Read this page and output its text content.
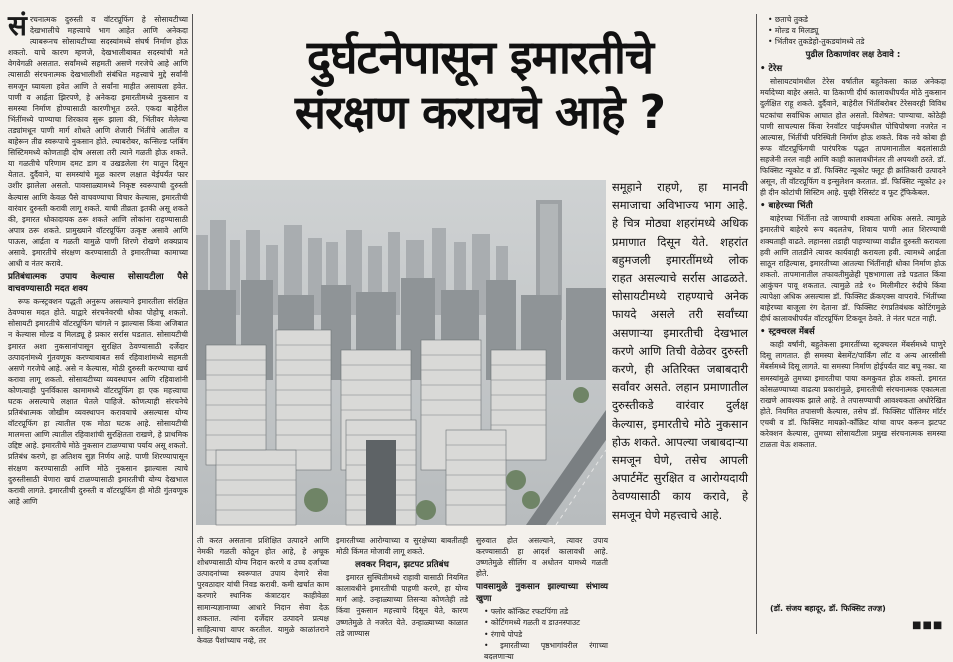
संरचनात्मक दुरुस्ती व वॉटरप्रूफिंग हे सोसायटीच्या देखभालीचे महत्त्वाचे भाग आहेत आणि अनेकदा त्याबरूनच सोसायटीच्या सदस्यांमध्ये संघर्ष निर्माण होऊ शकतो. याचे कारण म्हणजे, देखभालीबाबत सदस्यांची मते वेगवेगळी असतात. सर्वांमध्ये सहमती असणे गरजेचे आहे आणि त्यासाठी संरचनात्मक देखभालीशी संबंधित महत्त्वाचे मुद्दे सर्वांनी समजून घ्यायला हवेत आणि ते सर्वांना माहीत असायला हवेत. पाणी व आर्द्रता झिरपणे, हे अनेकदा इमारतीमध्ये नुकसान व समस्या निर्माण होण्यासाठी कारणीभूत ठरते. एकदा बाहेरील भिंतींमध्ये पाण्याचा शिरकाव सुरू झाला की, भिंतीवर मेलेल्या तड्यांमधून पाणी मार्ग शोधते आणि शेजारी भिंतींचे आतील व बाहेरून तीव्र स्वरूपाचे नुकसान होते. ल्याबरोबर, कन्सिल्ड प्लंबिंग सिस्टिममध्ये कोणताही दोष असला तरी त्याने गळती होऊ शकते. या गळतीचे परिणाम दमट डाग व उखडलेला रंग यातून दिसून येतात. दुर्दैवाने, या समस्यांचे मूळ कारण लक्षात येईपर्यंत फार उशीर झालेला असतो. पावसाळ्यामध्ये निकृष्ट स्वरूपाची दुरुस्ती केल्यास आणि केवळ पैसे वाचवण्याचा विचार केल्यास, इमारतीची वारंवार दुरुस्ती करावी लागू शकते. याची तीव्रता इतकी असू शकते की, इमारत धोकादायक ठरू शकते आणि लोकांना राहण्यासाठी अपात्र ठरू शकते. प्रामुख्याने वॉटरप्रूफिंग उत्कृष्ट असावे आणि पाऊस, आर्द्रता व गळती यामुळे पाणी शिरणे रोखणे शक्यप्राय असावे. इमारतीचे संरक्षण करण्यासाठी ते इमारतीच्या कामाच्या आधी व नंतर करावे.

प्रतिबंधात्मक उपाय केल्यास सोसायटीला पैसे वाचवण्यासाठी मदत शक्य

रूफ कन्स्ट्रक्शन पद्धती अनुरूप असल्याने इमारतीला संरक्षित ठेवण्यास मदत होते. याद्वारे संरचनेवरची धोका पोहोचू शकतो. सोसायटी इमारतीचे वॉटरप्रूफिंग चांगले न झाल्यास किंवा अजिबात न केल्यास मोल्ड व मिलड्यू हे प्रकार सर्रास घडतात. सोसायटीची इमारत अशा नुकसानांपासून सुरक्षित ठेवण्यासाठी दर्जेदार उत्पादनांमध्ये गुंतवणूक करण्याबाबत सर्व रहिवाशांमध्ये सहमती असणे गरजेचे आहे. असे न केल्यास, मोठी दुरुस्ती करण्याचा खर्च करावा लागू शकतो. सोसायटीच्या व्यवस्थापन आणि रहिवाशांनी कोणत्याही पुनर्विकास कामामध्ये वॉटरप्रूफिंग हा एक महत्त्वाचा घटक असल्याचे लक्षात घेतले पाहिजे. कोणत्याही संरचनेचे प्रतिबंधात्मक जोखीम व्यवस्थापन करावयाचे असल्यास योग्य वॉटरप्रूफिंग हा त्यातील एक मोठा घटक आहे. सोसायटीची मालमत्ता आणि त्यातील रहिवाशांची सुरक्षितता राखणे, हे प्राथमिक उद्दिष्ट आहे. इमारतीचे मोठे नुकसान टाळण्याचा पर्याय असू शकतो. प्रतिबंध करणे, हा अतिशय सुज्ञ निर्णय आहे. पाणी शिरण्यापासून संरक्षण करण्यासाठी आणि मोठे नुकसान झाल्यास त्याचे दुरुस्तीसाठी येणारा खर्च टाळण्यासाठी इमारतीची योग्य देखभाल करावी लागते. इमारतीची दुरुस्ती व वॉटरप्रूफिंग ही मोठी गुंतवणूक आहे आणि

दुर्घटनेपासून इमारतीचे
संरक्षण करायचे आहे ?
समूहाने राहणे, हा मानवी समाजाचा अविभाज्य भाग आहे. हे चित्र मोठ्या शहरांमध्ये अधिक प्रमाणात दिसून येते. शहरांत बहुमजली इमारतींमध्ये लोक राहत असल्याचे सर्रास आढळते. सोसायटीमध्ये राहण्याचे अनेक फायदे असले तरी सर्वांच्या असणाऱ्या इमारतीची देखभाल करणे आणि तिची वेळेवर दुरुस्ती करणे, ही अतिरिक्त जबाबदारी सर्वांवर असते. लहान प्रमाणातील दुरुस्तीकडे वारंवार दुर्लक्ष केल्यास, इमारतीचे मोठे नुकसान होऊ शकते. आपल्या जबाबदाऱ्या समजून घेणे, तसेच आपली अपार्टमेंट सुरक्षित व आरोग्यदायी ठेवण्यासाठी काय करावे, हे समजून घेणे महत्त्वाचे आहे.

ती करत असताना प्रशिक्षित उत्पादने आणि नेमकी गळती कोठून होत आहे, हे अचूक शोधण्यासाठी योग्य निदान करणे व उच्च दर्जाच्या उत्पादनांच्या स्वरूपात उपाय देणारे सेवा पुरवठादार यांची निवड करावी. कमी खर्चात काम करणारे स्थानिक कंत्राटदार काहीवेळा सामान्यज्ञानाच्या आधारे निदान सेवा देऊ शकतात. त्यांना दर्जेदार उत्पादने प्रत्यक्ष साहित्याचा वापर करतील. यामुळे काळांतराने केवळ पैशांच्याच नव्हे, तर

इमारतीच्या आरोग्याच्या व सुरक्षेच्या बाबतीतही मोठी किंमत मोजावी लागू शकते.

लवकर निदान, झटपट प्रतिबंध

इमारत सुस्थितीमध्ये राहावी यासाठी नियमित कालावधीने इमारतीची पाहणी करणे, हा योग्य मार्ग आहे. उन्हाळ्याच्या तिसऱ्या कोणतेही तडे किंवा नुकसान महत्त्वाचे दिसून येते, कारण उष्णतेमुळे ते नजरेत येते. उन्हाळ्याच्या काळात तडे जाण्यास

सुरुवात होत असल्याने, त्यावर उपाय करण्यासाठी हा आदर्श कालावधी आहे. उष्णतेमुळे सीलिंग व अधोतन यामध्ये गळती होते.

पावसामुळे नुकसान झाल्याच्या संभाव्य खुणा
• फ्लोर कॉन्क्रिट रफटपिंगा तडे
• कोटिंगमध्ये गळती व डाउनस्पाउट
• रंगाचे पोपडे
• इमारतीच्या पृष्ठभागांवरील रंगाच्या बदलणाऱ्या
• छताचे तुकडे
• मोल्ड व मिलड्यू
• भिंतीवर तुकडेहो-तुकडयांमध्ये तडे
पुढील ठिकाणांवर लक्ष ठेवावे :
• टेरेस

सोसायटयांमधील टेरेस वर्षातील बहुतेकसा काळ अनेकदा मर्यादेच्या बाहेर असते. या ठिकाणी दीर्घ कालावधीपर्यंत मोठे नुकसान दुर्लक्षित राहू शकते. दुर्दैवाने, बाहेरील भिंतींबरोबर टेरेसवरही विविध घटकांचा सर्वाधिक आघात होत असतो. विशेषत: पाण्याचा. कोठेही पाणी साचल्यास किंवा रेनवॉटर पाईपमधील पोचिपोषणा नजरेत न आल्यास, भिंतींची परिस्थिती निर्माण होऊ शकते. विक नवे कोबा ही रूफ वॉटरप्रूफिंगची पारंपरिक पद्धत तापमानातील बदलांसाठी सहजेनी तरल नाही आणि काही कालावधीनंतर ती अपयशी ठरते. डॉ. फिक्सिट न्यूकोट व डॉ. फिक्सिट न्यूकोट फ्लूट ही क्रांतिकारी उत्पादने असून, ती वॉटरप्रूफिंग व इन्सुलेशन करतात. डॉ. फिक्सिट न्यूकोट ३२ ही दीन कोटांची सिस्टिम आहे. युव्ही रेसिस्टंट व फूट ट्रॅफिकेबल.

• बाहेरच्या भिंती

बाहेरच्या भिंतींना तडे जाण्याची शक्यता अधिक असते. त्यामुळे इमारतीचे बाहेरचे रूप बदलतेच, शिवाय पाणी आत शिरण्याची शक्यताही वाढते. लहानसा तडाही पाहण्याच्या वाढीत दुरुस्ती करायला हवी आणि तातडीने त्यावर कार्यवाही करायला हवी. त्यामध्ये आर्द्रता साठून राहिल्यास, इमारतीच्या आतल्या भिंतींनाही धोका निर्माण होऊ शकतो. तापमानातील तफावतीमुळेही पृष्ठभागाला तडे पडतात किंवा आकुंचन पावू शकतात. त्यामुळे तडे १० मिलीमीटर रुंदीचे किंवा त्यापेक्षा अधिक असल्यास डॉ. फिक्सिट क्रॅकएक्स वापरावे. भिंतींच्या बाहेरच्या बाजूला रंग देताना डॉ. फिक्सिट रंगप्रतिबंधक कोटिंगमुळे दीर्घ कालावधीपर्यंत वॉटरप्रूफिंग टिकवून ठेवते. ते नंतर घटत नाही.

• स्ट्रक्चरल मेंबर्स

काही वर्षांनी, बहुतेकसा इमारतींच्या स्ट्रक्चरल मेंबर्समध्ये घाणुरे दिसू लागतात. ही समस्या बेसमेंट/पार्किंग लॉट व अन्य आरसीसी मेंबर्समध्ये दिसू लागते. या समस्या निर्माण होईपर्यंत वाट बघू नका. या समस्यांमुळे तुमच्या इमारतीचा पाया कमकुवत होऊ शकतो. इमारत कोसळण्याच्या वाढत्या प्रकारांमुळे, इमारतीची संरचनात्मक एकात्मता राखणे आवश्यक झाले आहे. ते तपासण्याची आवश्यकता अधोरेखित होते. नियमित तपासणी केल्यास, तसेच डॉ. फिक्सिट पॉलिमर मॉर्टर एचबी व डॉ. फिक्सिट मायक्रो-कॉंक्रिट यांचा वापर करून झटपट करेक्शन केल्यास, तुमच्या सोसायटीला प्रमुख संरचनात्मक समस्या टाळता येऊ शकतात.

(डॉ. संजय बहादूर, डॉ. फिक्सिट तज्ज्ञ)
■■■
